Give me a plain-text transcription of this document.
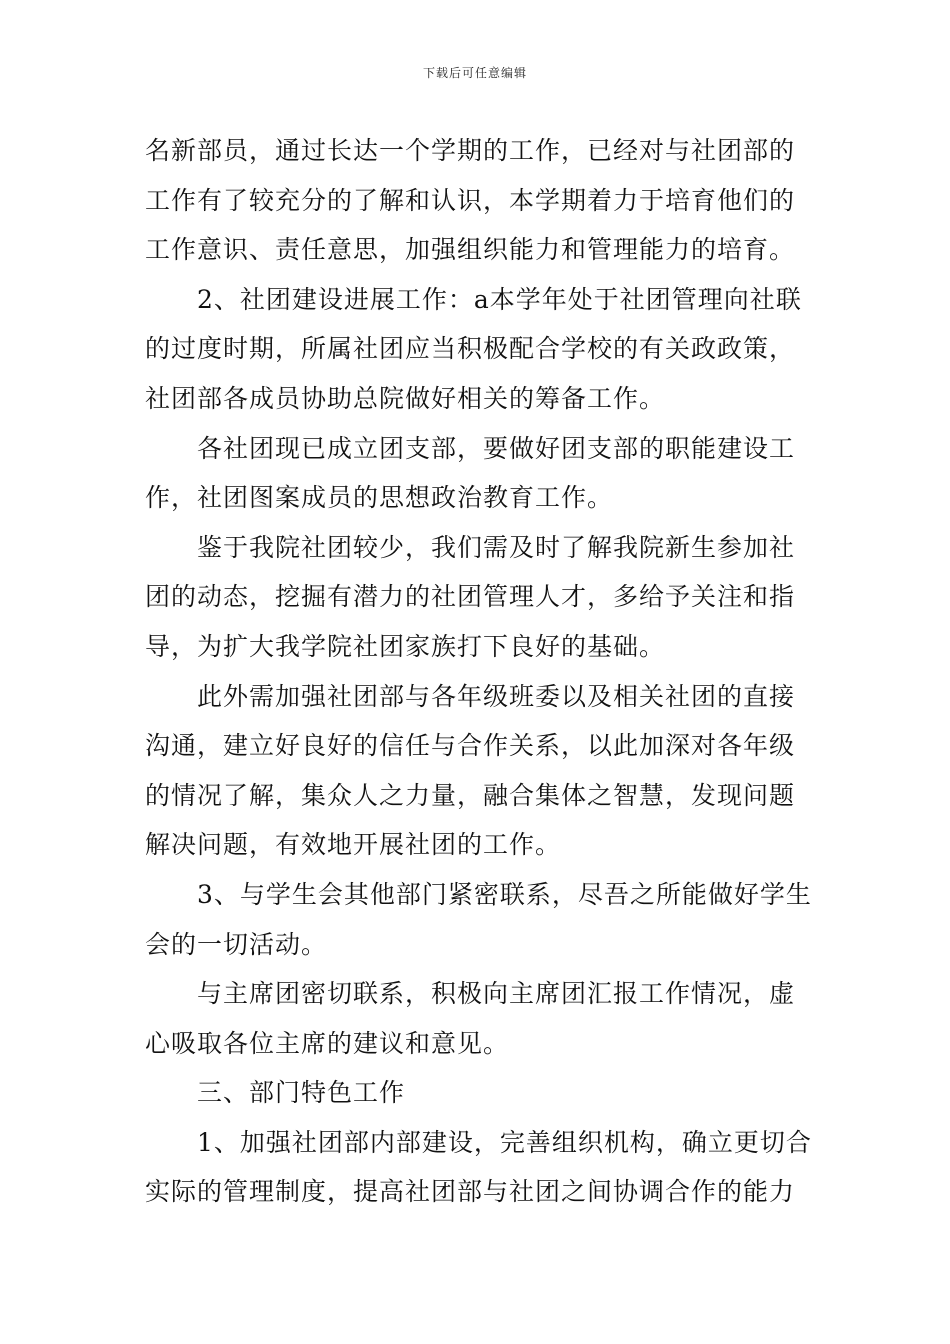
下载后可任意编辑
名新部员，通过长达一个学期的工作，已经对与社团部的
工作有了较充分的了解和认识，本学期着力于培育他们的
工作意识、责任意思，加强组织能力和管理能力的培育。
2、社团建设进展工作：a本学年处于社团管理向社联
的过度时期，所属社团应当积极配合学校的有关政政策，
社团部各成员协助总院做好相关的筹备工作。
各社团现已成立团支部，要做好团支部的职能建设工
作，社团图案成员的思想政治教育工作。
鉴于我院社团较少，我们需及时了解我院新生参加社
团的动态，挖掘有潜力的社团管理人才，多给予关注和指
导，为扩大我学院社团家族打下良好的基础。
此外需加强社团部与各年级班委以及相关社团的直接
沟通，建立好良好的信任与合作关系，以此加深对各年级
的情况了解，集众人之力量，融合集体之智慧，发现问题
解决问题，有效地开展社团的工作。
3、与学生会其他部门紧密联系，尽吾之所能做好学生
会的一切活动。
与主席团密切联系，积极向主席团汇报工作情况，虚
心吸取各位主席的建议和意见。
三、部门特色工作
1、加强社团部内部建设，完善组织机构，确立更切合
实际的管理制度，提高社团部与社团之间协调合作的能力
